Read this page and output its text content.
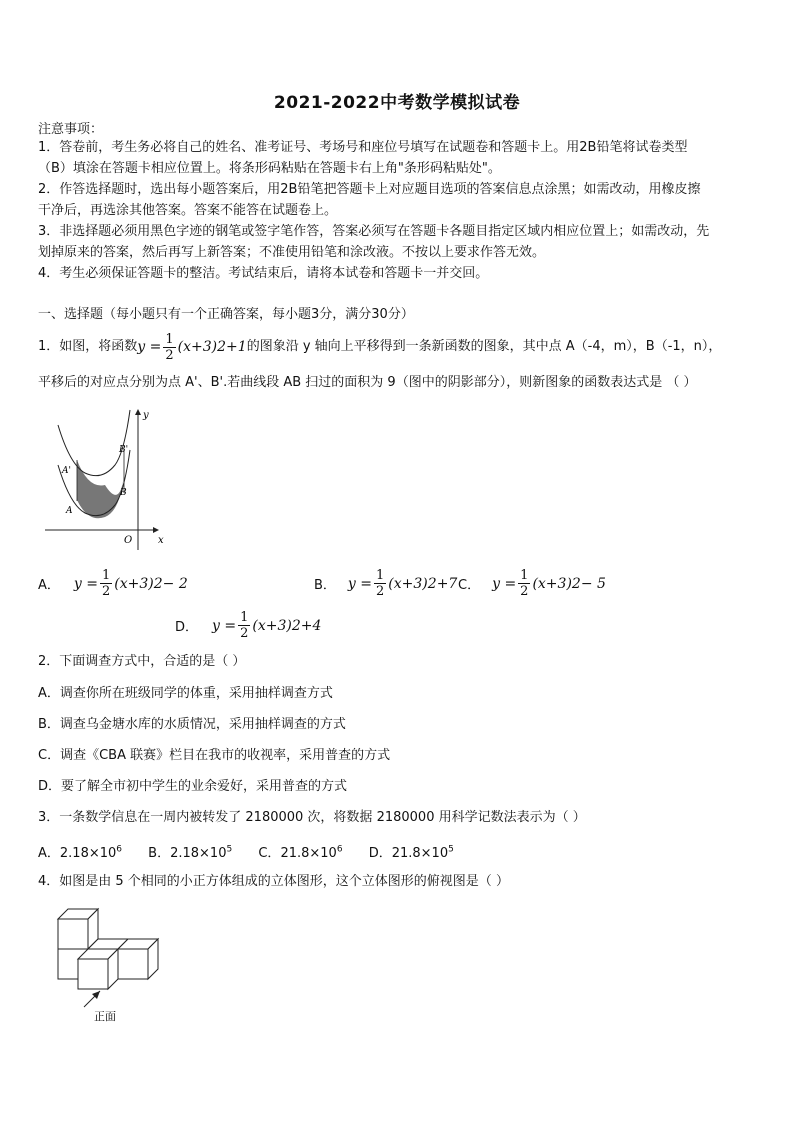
2021-2022中考数学模拟试卷
注意事项：
1．答卷前，考生务必将自己的姓名、准考证号、考场号和座位号填写在试题卷和答题卡上。用2B铅笔将试卷类型
（B）填涂在答题卡相应位置上。将条形码粘贴在答题卡右上角"条形码粘贴处"。
2．作答选择题时，选出每小题答案后，用2B铅笔把答题卡上对应题目选项的答案信息点涂黑；如需改动，用橡皮擦
干净后，再选涂其他答案。答案不能答在试题卷上。
3．非选择题必须用黑色字迹的钢笔或签字笔作答，答案必须写在答题卡各题目指定区域内相应位置上；如需改动，先
划掉原来的答案，然后再写上新答案；不准使用铅笔和涂改液。不按以上要求作答无效。
4．考生必须保证答题卡的整洁。考试结束后，请将本试卷和答题卡一并交回。
一、选择题（每小题只有一个正确答案，每小题3分，满分30分）
1．如图，将函数 $y = \frac{1}{2} (x+3)$ 2 +1 的图象沿 y 轴向上平移得到一条新函数的图象，其中点 A（-4，m），B（-1，n），
平移后的对应点分别为点 A'、B'.若曲线段 AB 扫过的面积为 9（图中的阴影部分），则新图象的函数表达式是 （ ）
y
x
O
A
B
A'
B'
A． $y = \frac{1}{2} (x+3) 2 - 2$	B． $y = \frac{1}{2} (x+3)$ 2 +7 C． $y = \frac{1}{2} (x+3) 2 - 5$
D． $y = \frac{1}{2} (x+3)$ 2 +4
2．下面调查方式中，合适的是（ ）
A．调查你所在班级同学的体重，采用抽样调查方式
B．调查乌金塘水库的水质情况，采用抽样调查的方式
C．调查《CBA 联赛》栏目在我市的收视率，采用普查的方式
D．要了解全市初中学生的业余爱好，采用普查的方式
3．一条数学信息在一周内被转发了 2180000 次，将数据 2180000 用科学记数法表示为（ ）
A．$2.18\times 10^6$ B．$2.18\times 10^5$ C．$21.8\times 10^6$ D．$21.8\times 10^5$
4．如图是由 5 个相同的小正方体组成的立体图形，这个立体图形的俯视图是（ ）
正面
